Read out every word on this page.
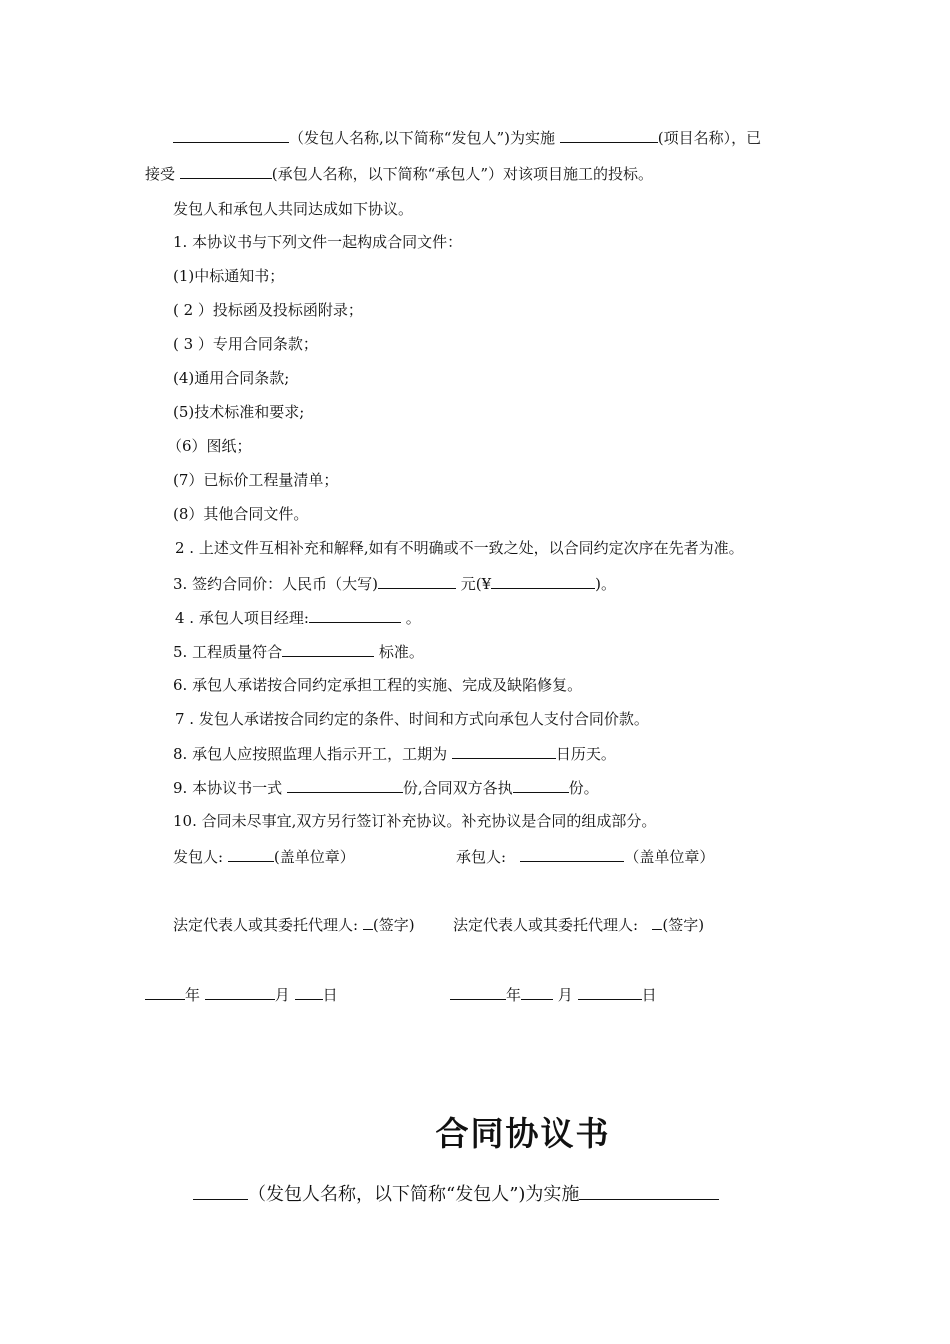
（发包人名称,以下简称“发包人”)为实施	(项目名称），已
接受	(承包人名称，以下简称“承包人”）对该项目施工的投标。
发包人和承包人共同达成如下协议。
1. 本协议书与下列文件一起构成合同文件：
(1)中标通知书；
( 2 ）投标函及投标函附录；
( 3 ）专用合同条款；
(4)通用合同条款;
(5)技术标准和要求;
（6）图纸；
(7）已标价工程量清单；
(8）其他合同文件。
2 . 上述文件互相补充和解释,如有不明确或不一致之处，以合同约定次序在先者为准。
3. 签约合同价：人民币（大写)	元(¥	)。
4 . 承包人项目经理:	。
5. 工程质量符合	标准。
6. 承包人承诺按合同约定承担工程的实施、完成及缺陷修复。
7 . 发包人承诺按合同约定的条件、时间和方式向承包人支付合同价款。
8. 承包人应按照监理人指示开工，工期为	日历天。
9. 本协议书一式	份,合同双方各执	份。
10. 合同未尽事宜,双方另行签订补充协议。补充协议是合同的组成部分。
发包人:	(盖单位章）	承包人:	（盖单位章）
法定代表人或其委托代理人: (签字)	法定代表人或其委托代理人: (签字)
年	月 日	年 月	日
合同协议书
（发包人名称，以下简称“发包人”)为实施
